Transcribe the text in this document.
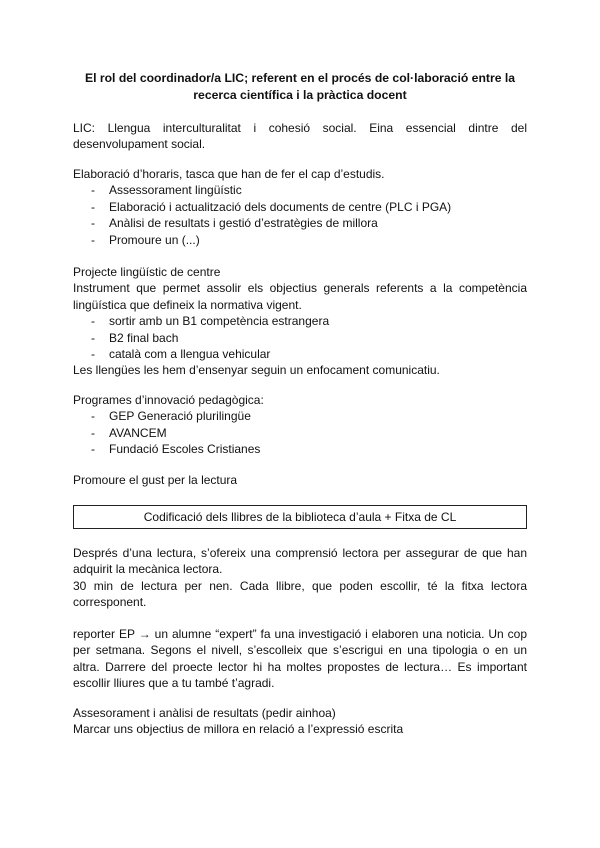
El rol del coordinador/a LIC; referent en el procés de col·laboració entre la
recerca científica i la pràctica docent

LIC: Llengua interculturalitat i cohesió social. Eina essencial dintre del desenvolupament social.

Elaboració d’horaris, tasca que han de fer el cap d’estudis.

- Assessorament lingüístic
- Elaboració i actualització dels documents de centre (PLC i PGA)
- Anàlisi de resultats i gestió d’estratègies de millora
- Promoure un (...)

Projecte lingüístic de centre

Instrument que permet assolir els objectius generals referents a la competència lingüística que defineix la normativa vigent.

- sortir amb un B1 competència estrangera
- B2 final bach
- català com a llengua vehicular

Les llengües les hem d’ensenyar seguin un enfocament comunicatiu.

Programes d’innovació pedagògica:

- GEP Generació plurilingüe
- AVANCEM
- Fundació Escoles Cristianes

Promoure el gust per la lectura

Codificació dels llibres de la biblioteca d’aula + Fitxa de CL

Després d’una lectura, s’ofereix una comprensió lectora per assegurar de que han adquirit la mecànica lectora.

30 min de lectura per nen. Cada llibre, que poden escollir, té la fitxa lectora corresponent.

reporter EP → un alumne “expert” fa una investigació i elaboren una noticia. Un cop per setmana. Segons el nivell, s’escolleix que s’escrigui en una tipologia o en un altra. Darrere del proecte lector hi ha moltes propostes de lectura… Es important escollir lliures que a tu també t’agradi.

Assesorament i anàlisi de resultats (pedir ainhoa)

Marcar uns objectius de millora en relació a l’expressió escrita
